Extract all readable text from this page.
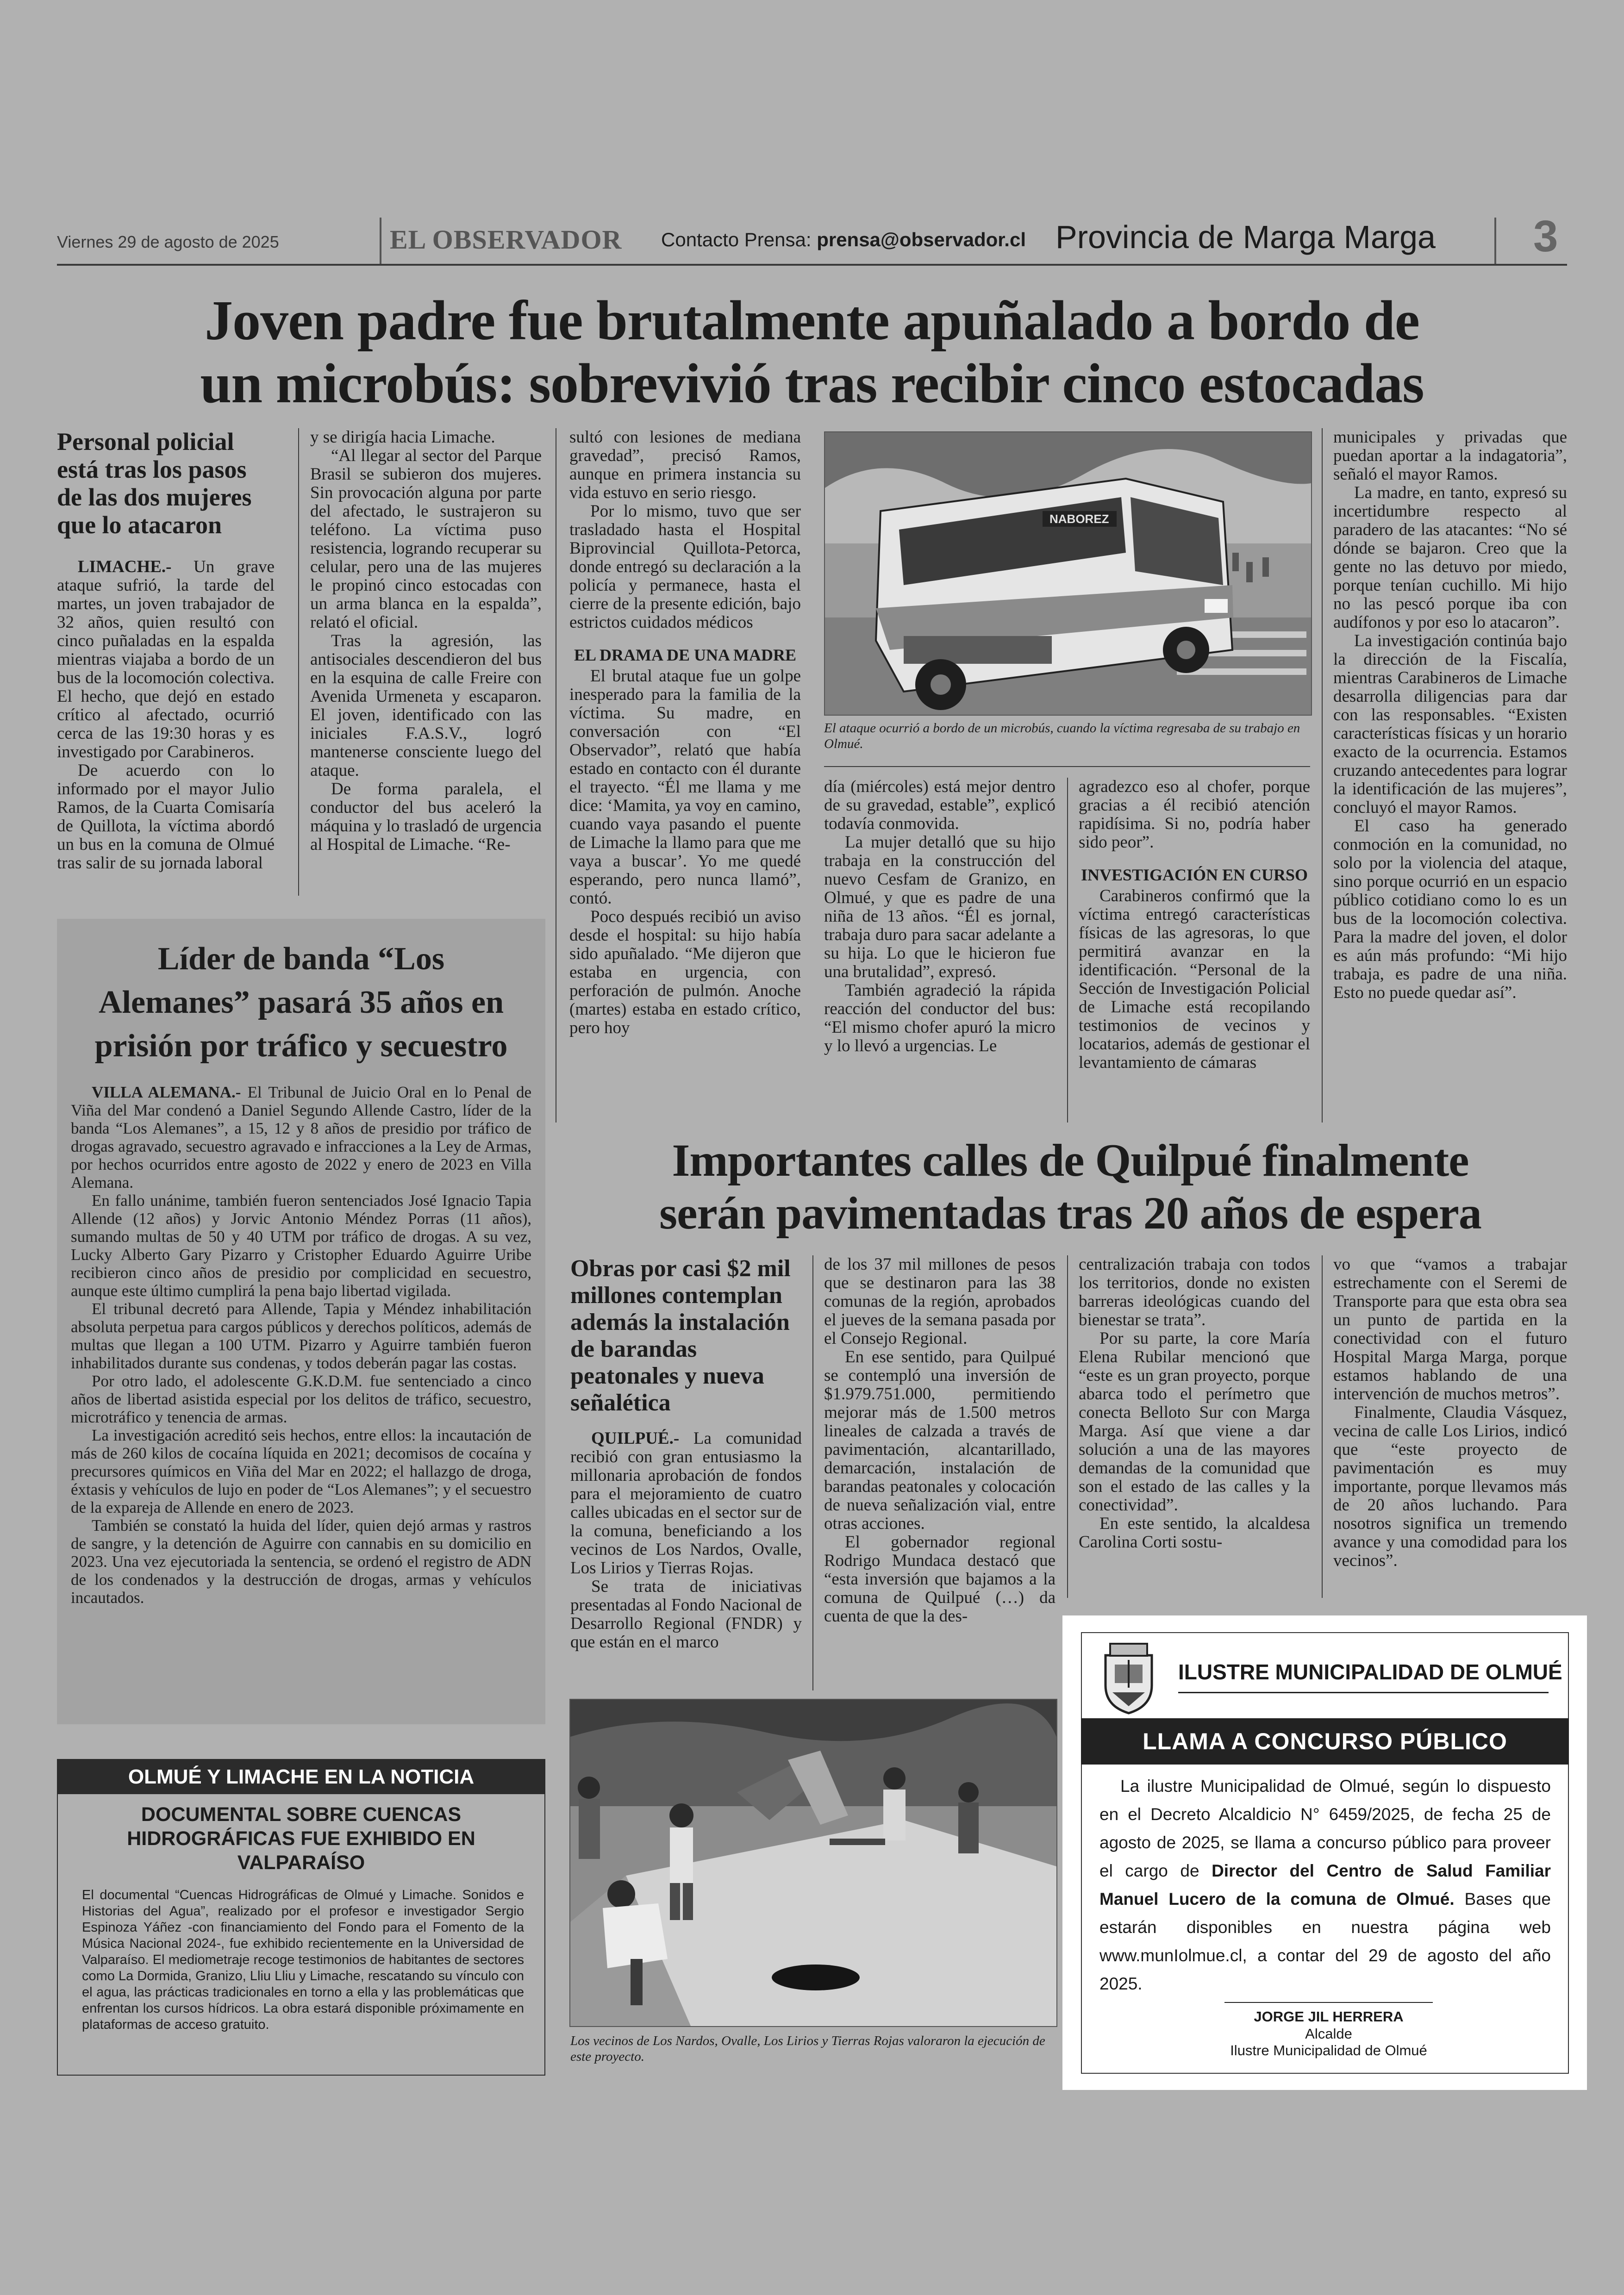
Viernes 29 de agosto de 2025	EL OBSERVADOR Contacto Prensa: prensa@observador.cl Provincia de Marga Marga 3
Joven padre fue brutalmente apuñalado a bordo de
un microbús: sobrevivió tras recibir cinco estocadas
Personal policial está tras los pasos de las dos mujeres que lo atacaron

LIMACHE.- Un grave ataque sufrió, la tarde del martes, un joven trabajador de 32 años, quien resultó con cinco puñaladas en la espalda mientras viajaba a bordo de un bus de la locomoción colectiva. El hecho, que dejó en estado crítico al afectado, ocurrió cerca de las 19:30 horas y es investigado por Carabineros.

De acuerdo con lo informado por el mayor Julio Ramos, de la Cuarta Comisaría de Quillota, la víctima abordó un bus en la comuna de Olmué tras salir de su jornada laboral

y se dirigía hacia Limache.

“Al llegar al sector del Parque Brasil se subieron dos mujeres. Sin provocación alguna por parte del afectado, le sustrajeron su teléfono. La víctima puso resistencia, logrando recuperar su celular, pero una de las mujeres le propinó cinco estocadas con un arma blanca en la espalda”, relató el oficial.

Tras la agresión, las antisociales descendieron del bus en la esquina de calle Freire con Avenida Urmeneta y escaparon. El joven, identificado con las iniciales F.A.S.V., logró mantenerse consciente luego del ataque.

De forma paralela, el conductor del bus aceleró la máquina y lo trasladó de urgencia al Hospital de Limache. “Re-

sultó con lesiones de mediana gravedad”, precisó Ramos, aunque en primera instancia su vida estuvo en serio riesgo.

Por lo mismo, tuvo que ser trasladado hasta el Hospital Biprovincial Quillota-Petorca, donde entregó su declaración a la policía y permanece, hasta el cierre de la presente edición, bajo estrictos cuidados médicos

EL DRAMA DE UNA MADRE

El brutal ataque fue un golpe inesperado para la familia de la víctima. Su madre, en conversación con “El Observador”, relató que había estado en contacto con él durante el trayecto. “Él me llama y me dice: ‘Mamita, ya voy en camino, cuando vaya pasando el puente de Limache la llamo para que me vaya a buscar’. Yo me quedé esperando, pero nunca llamó”, contó.

Poco después recibió un aviso desde el hospital: su hijo había sido apuñalado. “Me dijeron que estaba en urgencia, con perforación de pulmón. Anoche (martes) estaba en estado crítico, pero hoy

NABOREZ
El ataque ocurrió a bordo de un microbús, cuando la víctima regresaba de su trabajo en Olmué.

día (miércoles) está mejor dentro de su gravedad, estable”, explicó todavía conmovida.

La mujer detalló que su hijo trabaja en la construcción del nuevo Cesfam de Granizo, en Olmué, y que es padre de una niña de 13 años. “Él es jornal, trabaja duro para sacar adelante a su hija. Lo que le hicieron fue una brutalidad”, expresó.

También agradeció la rápida reacción del conductor del bus: “El mismo chofer apuró la micro y lo llevó a urgencias. Le

agradezco eso al chofer, porque gracias a él recibió atención rapidísima. Si no, podría haber sido peor”.

INVESTIGACIÓN EN CURSO

Carabineros confirmó que la víctima entregó características físicas de las agresoras, lo que permitirá avanzar en la identificación. “Personal de la Sección de Investigación Policial de Limache está recopilando testimonios de vecinos y locatarios, además de gestionar el levantamiento de cámaras

municipales y privadas que puedan aportar a la indagatoria”, señaló el mayor Ramos.

La madre, en tanto, expresó su incertidumbre respecto al paradero de las atacantes: “No sé dónde se bajaron. Creo que la gente no las detuvo por miedo, porque tenían cuchillo. Mi hijo no las pescó porque iba con audífonos y por eso lo atacaron”.

La investigación continúa bajo la dirección de la Fiscalía, mientras Carabineros de Limache desarrolla diligencias para dar con las responsables. “Existen características físicas y un horario exacto de la ocurrencia. Estamos cruzando antecedentes para lograr la identificación de las mujeres”, concluyó el mayor Ramos.

El caso ha generado conmoción en la comunidad, no solo por la violencia del ataque, sino porque ocurrió en un espacio público cotidiano como lo es un bus de la locomoción colectiva. Para la madre del joven, el dolor es aún más profundo: “Mi hijo trabaja, es padre de una niña. Esto no puede quedar así”.

Líder de banda “Los Alemanes” pasará 35 años en prisión por tráfico y secuestro

VILLA ALEMANA.- El Tribunal de Juicio Oral en lo Penal de Viña del Mar condenó a Daniel Segundo Allende Castro, líder de la banda “Los Alemanes”, a 15, 12 y 8 años de presidio por tráfico de drogas agravado, secuestro agravado e infracciones a la Ley de Armas, por hechos ocurridos entre agosto de 2022 y enero de 2023 en Villa Alemana.

En fallo unánime, también fueron sentenciados José Ignacio Tapia Allende (12 años) y Jorvic Antonio Méndez Porras (11 años), sumando multas de 50 y 40 UTM por tráfico de drogas. A su vez, Lucky Alberto Gary Pizarro y Cristopher Eduardo Aguirre Uribe recibieron cinco años de presidio por complicidad en secuestro, aunque este último cumplirá la pena bajo libertad vigilada.

El tribunal decretó para Allende, Tapia y Méndez inhabilitación absoluta perpetua para cargos públicos y derechos políticos, además de multas que llegan a 100 UTM. Pizarro y Aguirre también fueron inhabilitados durante sus condenas, y todos deberán pagar las costas.

Por otro lado, el adolescente G.K.D.M. fue sentenciado a cinco años de libertad asistida especial por los delitos de tráfico, secuestro, microtráfico y tenencia de armas.

La investigación acreditó seis hechos, entre ellos: la incautación de más de 260 kilos de cocaína líquida en 2021; decomisos de cocaína y precursores químicos en Viña del Mar en 2022; el hallazgo de droga, éxtasis y vehículos de lujo en poder de “Los Alemanes”; y el secuestro de la expareja de Allende en enero de 2023.

También se constató la huida del líder, quien dejó armas y rastros de sangre, y la detención de Aguirre con cannabis en su domicilio en 2023. Una vez ejecutoriada la sentencia, se ordenó el registro de ADN de los condenados y la destrucción de drogas, armas y vehículos incautados.

OLMUÉ Y LIMACHE EN LA NOTICIA
DOCUMENTAL SOBRE CUENCAS HIDROGRÁFICAS FUE EXHIBIDO EN VALPARAÍSO
El documental “Cuencas Hidrográficas de Olmué y Limache. Sonidos e Historias del Agua”, realizado por el profesor e investigador Sergio Espinoza Yáñez -con financiamiento del Fondo para el Fomento de la Música Nacional 2024-, fue exhibido recientemente en la Universidad de Valparaíso. El mediometraje recoge testimonios de habitantes de sectores como La Dormida, Granizo, Lliu Lliu y Limache, rescatando su vínculo con el agua, las prácticas tradicionales en torno a ella y las problemáticas que enfrentan los cursos hídricos. La obra estará disponible próximamente en plataformas de acceso gratuito.
Importantes calles de Quilpué finalmente
serán pavimentadas tras 20 años de espera
Obras por casi $2 mil millones contemplan además la instalación de barandas peatonales y nueva señalética

QUILPUÉ.- La comunidad recibió con gran entusiasmo la millonaria aprobación de fondos para el mejoramiento de cuatro calles ubicadas en el sector sur de la comuna, beneficiando a los vecinos de Los Nardos, Ovalle, Los Lirios y Tierras Rojas.

Se trata de iniciativas presentadas al Fondo Nacional de Desarrollo Regional (FNDR) y que están en el marco

de los 37 mil millones de pesos que se destinaron para las 38 comunas de la región, aprobados el jueves de la semana pasada por el Consejo Regional.

En ese sentido, para Quilpué se contempló una inversión de $1.979.751.000, permitiendo mejorar más de 1.500 metros lineales de calzada a través de pavimentación, alcantarillado, demarcación, instalación de barandas peatonales y colocación de nueva señalización vial, entre otras acciones.

El gobernador regional Rodrigo Mundaca destacó que “esta inversión que bajamos a la comuna de Quilpué (…) da cuenta de que la des-

centralización trabaja con todos los territorios, donde no existen barreras ideológicas cuando del bienestar se trata”.

Por su parte, la core María Elena Rubilar mencionó que “este es un gran proyecto, porque abarca todo el perímetro que conecta Belloto Sur con Marga Marga. Así que viene a dar solución a una de las mayores demandas de la comunidad que son el estado de las calles y la conectividad”.

En este sentido, la alcaldesa Carolina Corti sostu-

vo que “vamos a trabajar estrechamente con el Seremi de Transporte para que esta obra sea un punto de partida en la conectividad con el futuro Hospital Marga Marga, porque estamos hablando de una intervención de muchos metros”.

Finalmente, Claudia Vásquez, vecina de calle Los Lirios, indicó que “este proyecto de pavimentación es muy importante, porque llevamos más de 20 años luchando. Para nosotros significa un tremendo avance y una comodidad para los vecinos”.

Los vecinos de Los Nardos, Ovalle, Los Lirios y Tierras Rojas valoraron la ejecución de este proyecto.
ILUSTRE MUNICIPALIDAD DE OLMUÉ
LLAMA A CONCURSO PÚBLICO
La ilustre Municipalidad de Olmué, según lo dispuesto en el Decreto Alcaldicio N° 6459/2025, de fecha 25 de agosto de 2025, se llama a concurso público para proveer el cargo de Director del Centro de Salud Familiar Manuel Lucero de la comuna de Olmué. Bases que estarán disponibles en nuestra página web www.munIolmue.cl, a contar del 29 de agosto del año 2025.
JORGE JIL HERRERA
Alcalde
Ilustre Municipalidad de Olmué
